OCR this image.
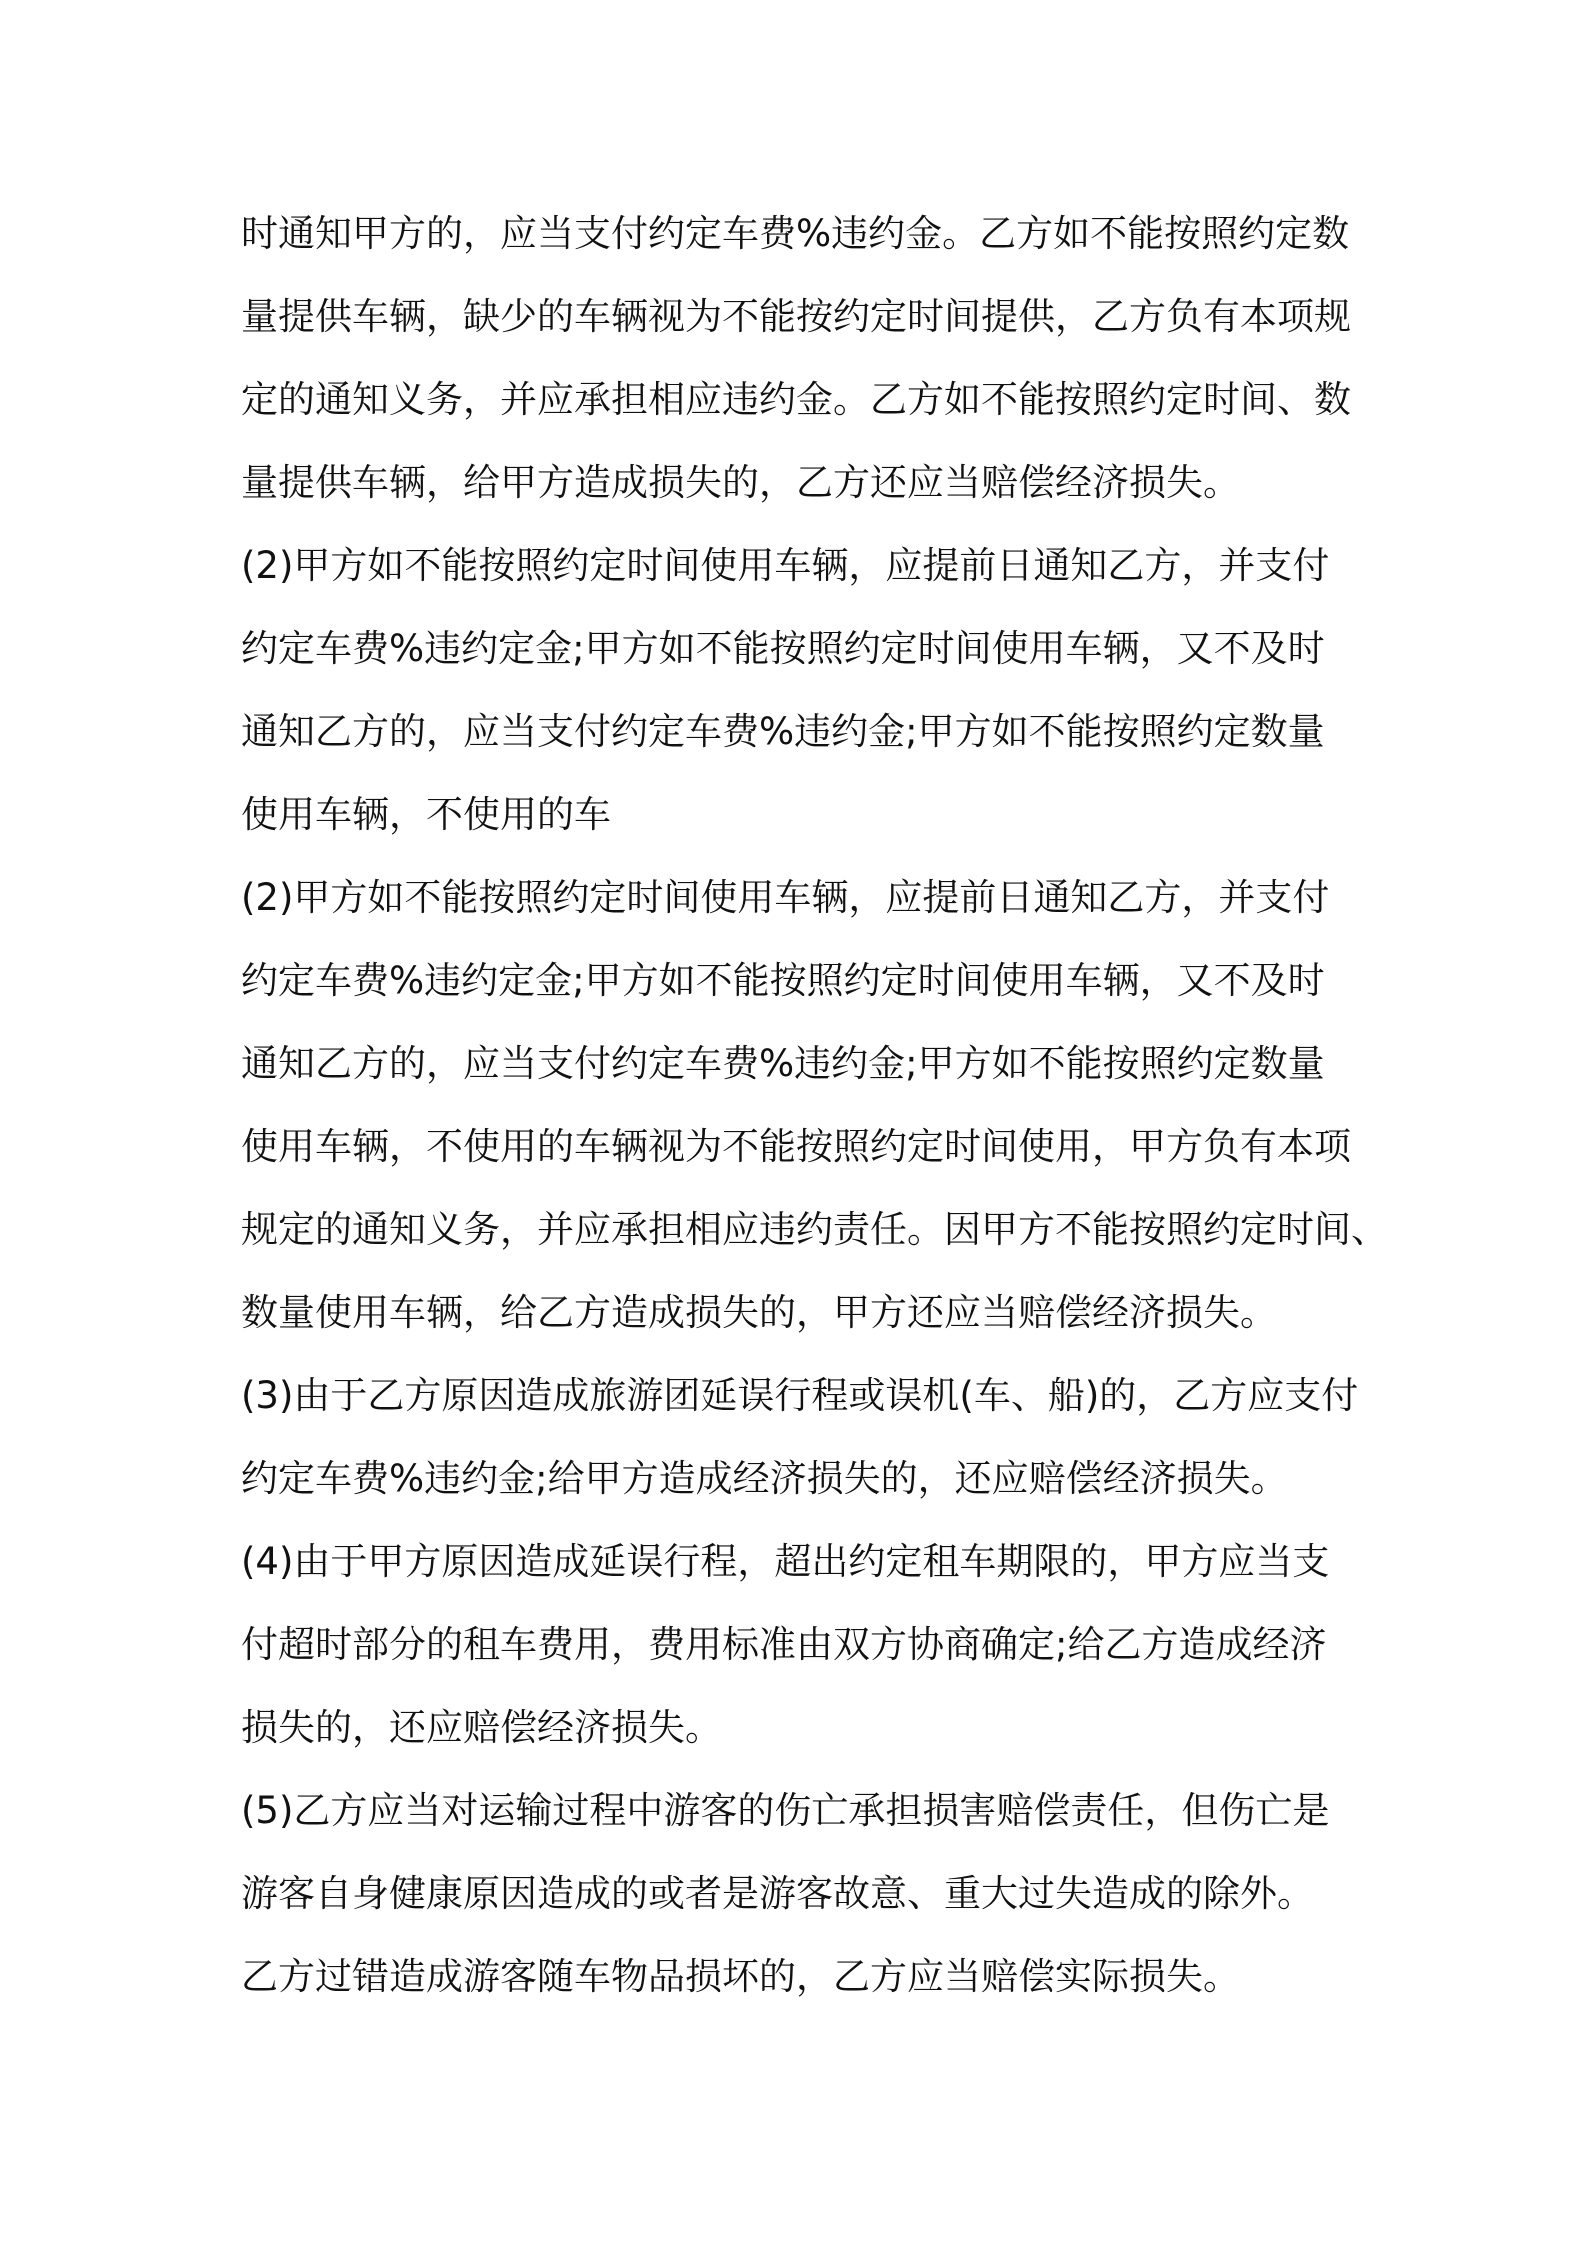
时通知甲方的，应当支付约定车费%违约金。乙方如不能按照约定数
量提供车辆，缺少的车辆视为不能按约定时间提供，乙方负有本项规
定的通知义务，并应承担相应违约金。乙方如不能按照约定时间、数
量提供车辆，给甲方造成损失的，乙方还应当赔偿经济损失。
(2)甲方如不能按照约定时间使用车辆，应提前日通知乙方，并支付
约定车费%违约定金;甲方如不能按照约定时间使用车辆，又不及时
通知乙方的，应当支付约定车费%违约金;甲方如不能按照约定数量
使用车辆，不使用的车
(2)甲方如不能按照约定时间使用车辆，应提前日通知乙方，并支付
约定车费%违约定金;甲方如不能按照约定时间使用车辆，又不及时
通知乙方的，应当支付约定车费%违约金;甲方如不能按照约定数量
使用车辆，不使用的车辆视为不能按照约定时间使用，甲方负有本项
规定的通知义务，并应承担相应违约责任。因甲方不能按照约定时间、
数量使用车辆，给乙方造成损失的，甲方还应当赔偿经济损失。
(3)由于乙方原因造成旅游团延误行程或误机(车、船)的，乙方应支付
约定车费%违约金;给甲方造成经济损失的，还应赔偿经济损失。
(4)由于甲方原因造成延误行程，超出约定租车期限的，甲方应当支
付超时部分的租车费用，费用标准由双方协商确定;给乙方造成经济
损失的，还应赔偿经济损失。
(5)乙方应当对运输过程中游客的伤亡承担损害赔偿责任，但伤亡是
游客自身健康原因造成的或者是游客故意、重大过失造成的除外。
乙方过错造成游客随车物品损坏的，乙方应当赔偿实际损失。
